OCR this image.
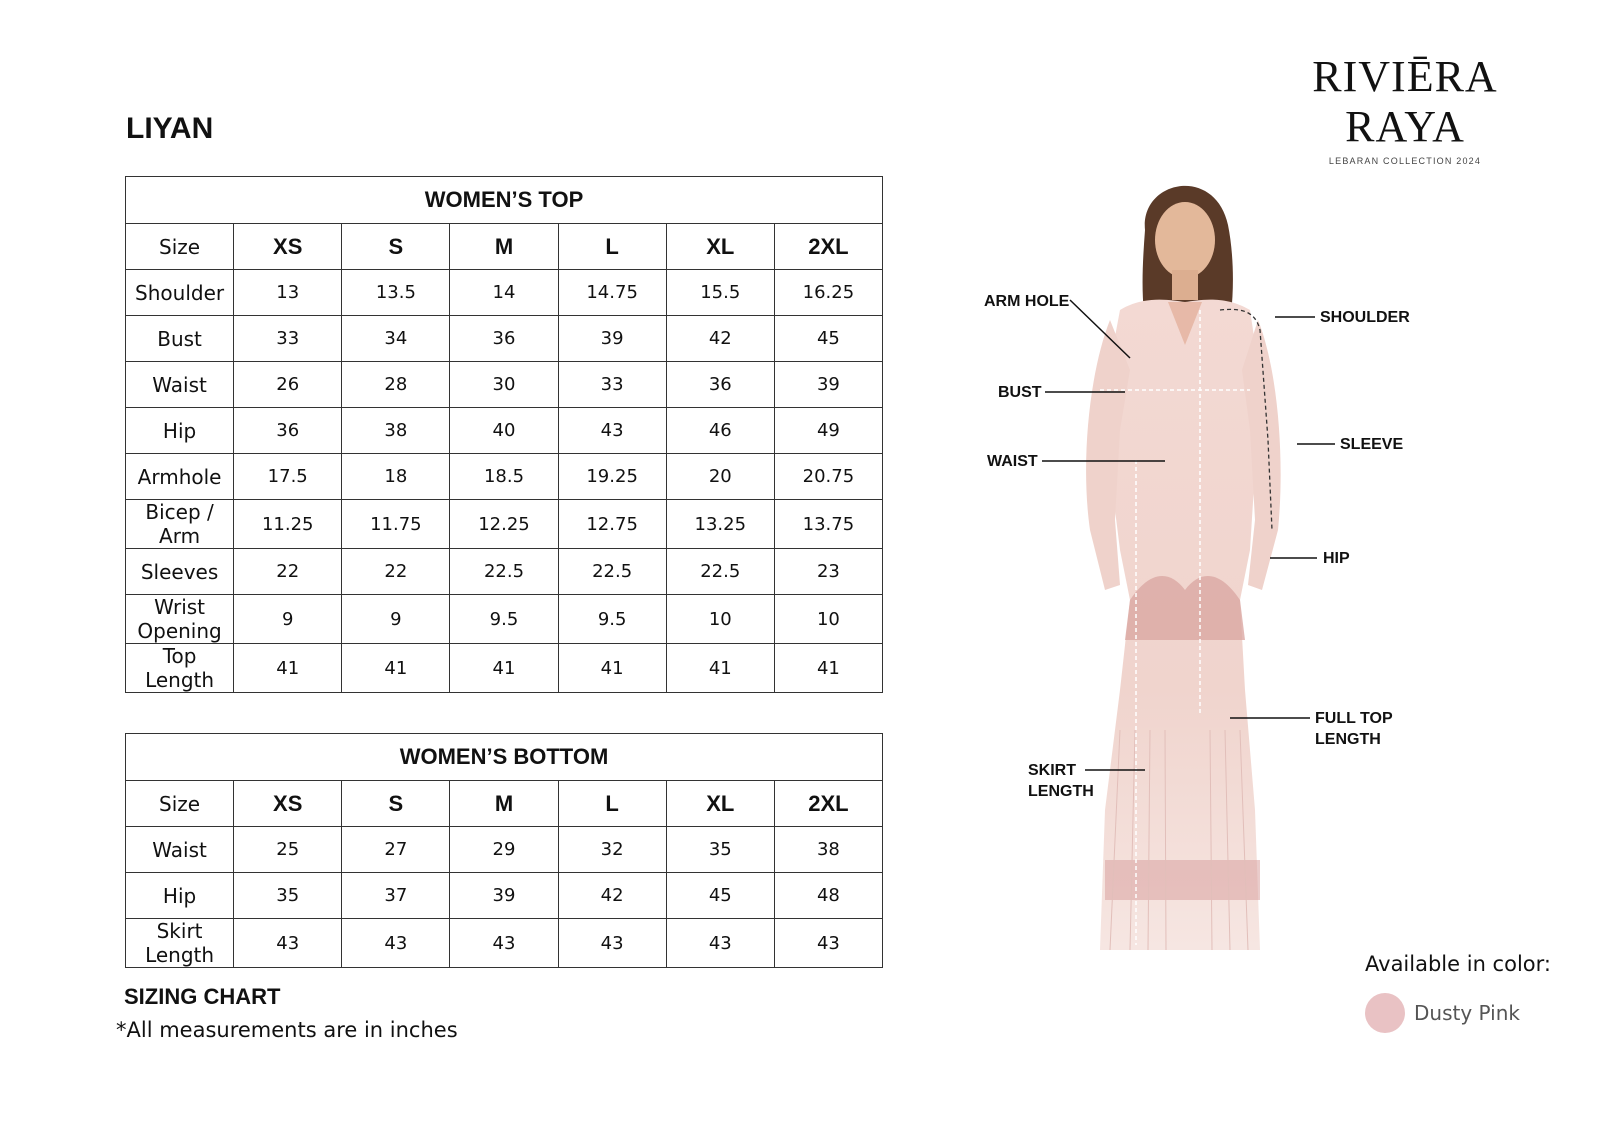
RIVIĒRA RAYA
LEBARAN COLLECTION 2024
LIYAN
WOMEN’S TOP						
Size	XS	S	M	L	XL	2XL
Shoulder	13	13.5	14	14.75	15.5	16.25
Bust	33	34	36	39	42	45
Waist	26	28	30	33	36	39
Hip	36	38	40	43	46	49
Armhole	17.5	18	18.5	19.25	20	20.75
Bicep / Arm	11.25	11.75	12.25	12.75	13.25	13.75
Sleeves	22	22	22.5	22.5	22.5	23
Wrist Opening	9	9	9.5	9.5	10	10
Top Length	41	41	41	41	41	41
WOMEN’S BOTTOM						
Size	XS	S	M	L	XL	2XL
Waist	25	27	29	32	35	38
Hip	35	37	39	42	45	48
Skirt Length	43	43	43	43	43	43
SIZING CHART
*All measurements are in inches
ARM HOLE
BUST
WAIST
SKIRT
LENGTH
SHOULDER
SLEEVE
HIP
FULL TOP
LENGTH
Available in color:
Dusty Pink
